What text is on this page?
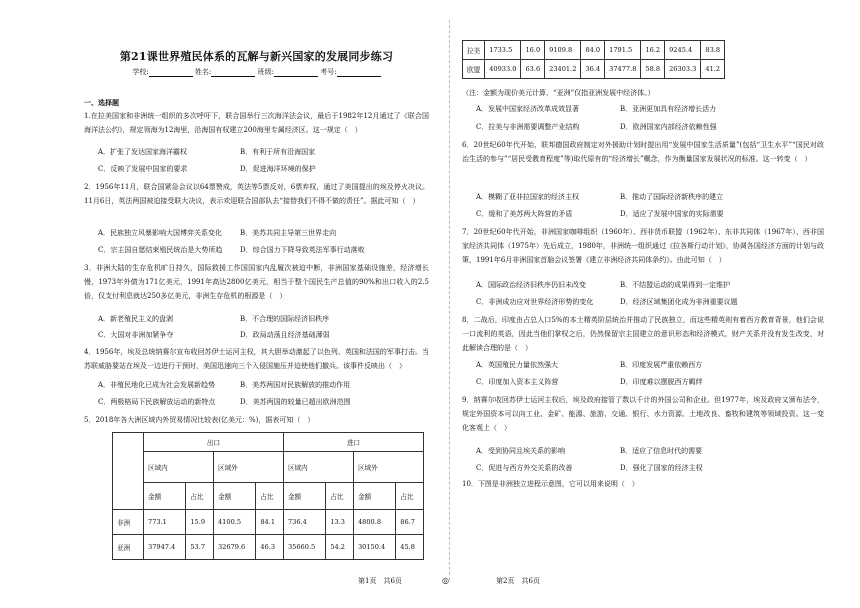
第21课世界殖民体系的瓦解与新兴国家的发展同步练习
学校:	姓名:	班级:	考号:
一、选择题
1.在拉美国家和非洲统一组织的多次呼吁下，联合国举行三次海洋法会议，最后于1982年12月通过了《联合国海洋法公约》，规定领海为12海里，沿海国有权建立200海里专属经济区。这一规定（　）
A．扩张了发达国家海洋霸权	B．有利于所有沿海国家
C．反映了发展中国家的要求	D．促进海洋环境的保护
2．1956年11月，联合国紧急会议以64票赞成，英法等5票反对，6票弃权，通过了美国提出的埃及停火决议。11月6日，英法两国被迫接受联大决议，表示欢迎联合国部队去“接替我们不得不做的责任”。据此可知（　）
A．民族独立风暴影响大国博弈关系变化	B．美苏共同主导第三世界走向
C．宗主国自愿结束殖民统治是大势所趋	D．综合国力下降导致英法军事行动落败
3．非洲大陆的生存危机旷日持久，国际救援工作国国家内乱履次被迫中断，非洲国家基础设施差，经济增长慢，1973年外债为171亿美元，1991年高达2800亿美元，相当于整个国民生产总值的90%和出口收入的2.5倍，仅支付利息就达250多亿美元，非洲生存危机的根源是（　）
A．新老殖民主义的盘剥	B．不合理的国际经济旧秩序
C．大国对非洲加紧争夺	D．政局动荡且经济基础薄弱
4．1956年，埃及总统纳赛尔宣布收回苏伊士运河主权，其大胆举动激起了以色列、英国和法国的军事打击。当苏联威胁要站在埃及一边进行干预时，美国迅速向三个入侵国施压并迫使他们撤兵。该事件反映出（　）
A．非殖民地化已成为社会发展新趋势	B．美苏两国对民族解放的推动作用
C．两极格局下民族解放运动的新特点	D．美苏两国的较量已超出欧洲范围
5．2018年各大洲区域内外贸易情况比较表(亿美元：%)，据表可知（　）
	出口				进口			
	区域内		区域外		区域内		区域外	
	金额	占比	金额	占比	金额	占比	金额	占比
非洲	773.1	15.9	4100.5	84.1	736.4	13.3	4800.8	86.7
亚洲	37947.4	53.7	32679.6	46.3	35660.5	54.2	30150.4	45.8
第1页　共6页	◎
拉美	1733.5	16.0	9109.8	84.0	1791.5	16.2	9245.4	83.8
欧盟	40933.0	63.6	23401.2	36.4	37477.8	58.8	26303.3	41.2
（注：金额为现价美元计算，“亚洲”仅指亚洲发展中经济体。）
A．发展中国家经济改革成效显著	B．亚洲更加具有经济增长活力
C．拉美与非洲需要调整产业结构	D．欧洲国家内部经济依赖性强
6．20世纪60年代开始，联邦德国政府制定对外援助计划时提出用“发展中国家生活质量”(包括“卫生水平”“国民对政治生活的参与”“居民受教育程度”等)取代原有的“经济增长”概念，作为衡量国家发展状况的标准。这一转变（　）
A．模糊了亚非拉国家的经济主权	B．推动了国际经济新秩序的建立
C．缓和了美苏两大阵营的矛盾	D．适应了发展中国家的实际需要
7．20世纪60年代开始，非洲国家咖啡组织（1960年）、西非货币联盟（1962年）、东非共同体（1967年）、西非国家经济共同体（1975年）先后成立，1980年，非洲统一组织通过《拉各斯行动计划》，协调各国经济方面的计划与政策，1991年6月非洲国家首脑会议签署《建立非洲经济共同体条约》。由此可知（　）
A．国际政治经济旧秩序仍旧未改变	B．不结盟运动的成果得到一定维护
C．非洲成功应对世界经济形势的变化	D．经济区域集团化成为非洲重要议题
8．二战后，印度由占总人口5%的本土精英阶层统治并推动了民族独立，而这些精英则有着西方教育背景，他们会说一口流利的英语，因此当他们掌权之后，仍然保留宗主国建立的意识形态和经济模式，财产关系并没有发生改变，对此解读合理的是（　）
A．英国殖民力量依然强大	B．印度发展严重依赖西方
C．印度加入资本主义阵营	D．印度难以摆脱西方羁绊
9．纳赛尔收回苏伊士运河主权后，埃及政府接管了数以千计的外国公司和企业。但1977年，埃及政府又颁布法令，规定外国资本可以向工业、金矿、能源、旅游、交通、银行、水力资源、土地改良、畜牧和建筑等领域投资。这一变化客观上（　）
A．受到协同且埃关系的影响	B．适应了信息时代的需要
C．促进与西方外交关系的改善	D．强化了国家的经济主权
10．下图是非洲独立进程示意图，它可以用来说明（　）
第2页　共6页
